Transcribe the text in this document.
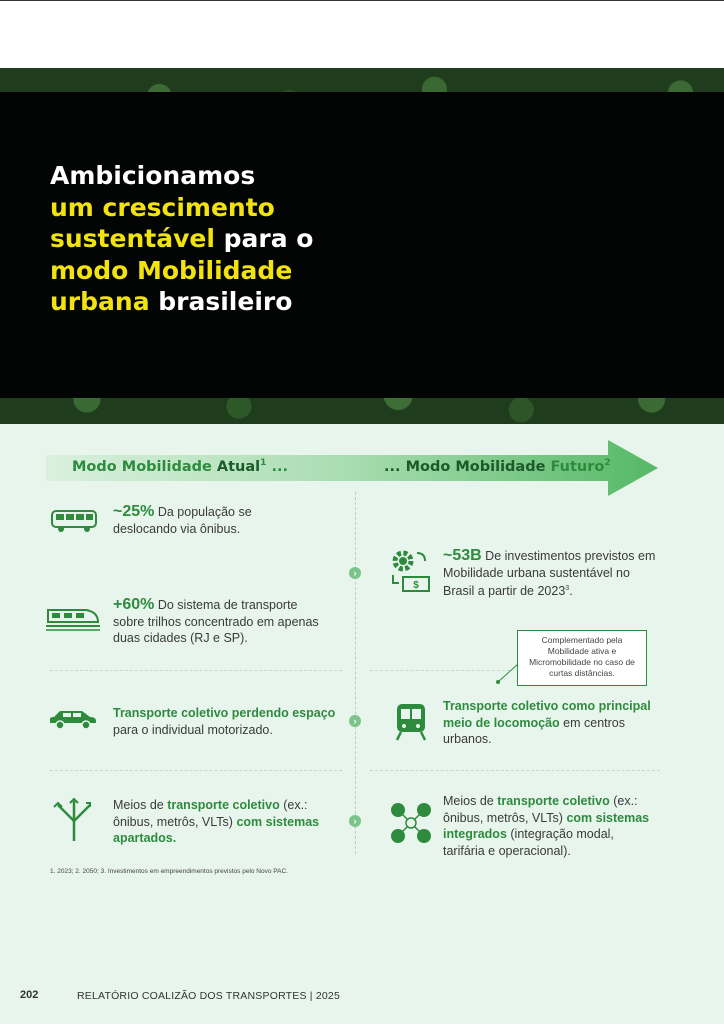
Ambicionamos
um crescimento
sustentável para o
modo Mobilidade
urbana brasileiro
Modo Mobilidade Atual$^1$ ...	... Modo Mobilidade Futuro$^2$
›
›
›
~25% Da população se deslocando via ônibus.
+60% Do sistema de transporte sobre trilhos concentrado em apenas duas cidades (RJ e SP).
Transporte coletivo perdendo espaço para o individual motorizado.
Meios de transporte coletivo (ex.: ônibus, metrôs, VLTs) com sistemas apartados.
$
~53B De investimentos previstos em Mobilidade urbana sustentável no Brasil a partir de 2023$^3$.
Complementado pela Mobilidade ativa e Micromobilidade no caso de curtas distâncias.
Transporte coletivo como principal meio de locomoção em centros urbanos.
Meios de transporte coletivo (ex.: ônibus, metrôs, VLTs) com sistemas integrados (integração modal, tarifária e operacional).
1. 2023; 2. 2050; 3. Investimentos em empreendimentos previstos pelo Novo PAC.
202	RELATÓRIO COALIZÃO DOS TRANSPORTES | 2025
